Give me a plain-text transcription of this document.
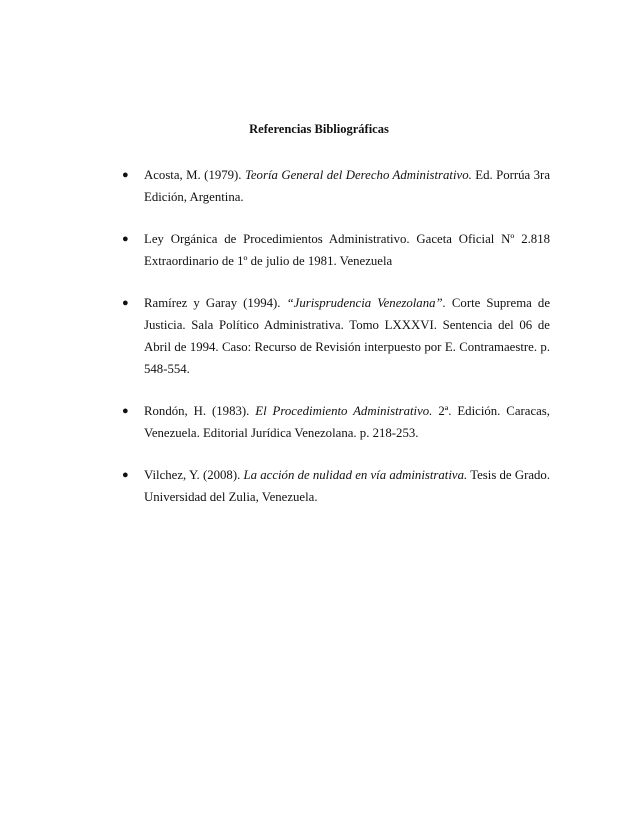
Referencias Bibliográficas
● Acosta, M. (1979). Teoría General del Derecho Administrativo. Ed. Porrúa 3ra Edición, Argentina.
● Ley Orgánica de Procedimientos Administrativo. Gaceta Oficial Nº 2.818 Extraordinario de 1º de julio de 1981. Venezuela
● Ramírez y Garay (1994). “Jurisprudencia Venezolana”. Corte Suprema de Justicia. Sala Político Administrativa. Tomo LXXXVI. Sentencia del 06 de Abril de 1994. Caso: Recurso de Revisión interpuesto por E. Contramaestre. p. 548-554.
● Rondón, H. (1983). El Procedimiento Administrativo. 2ª. Edición. Caracas, Venezuela. Editorial Jurídica Venezolana. p. 218-253.
● Vilchez, Y. (2008). La acción de nulidad en vía administrativa. Tesis de Grado. Universidad del Zulia, Venezuela.
